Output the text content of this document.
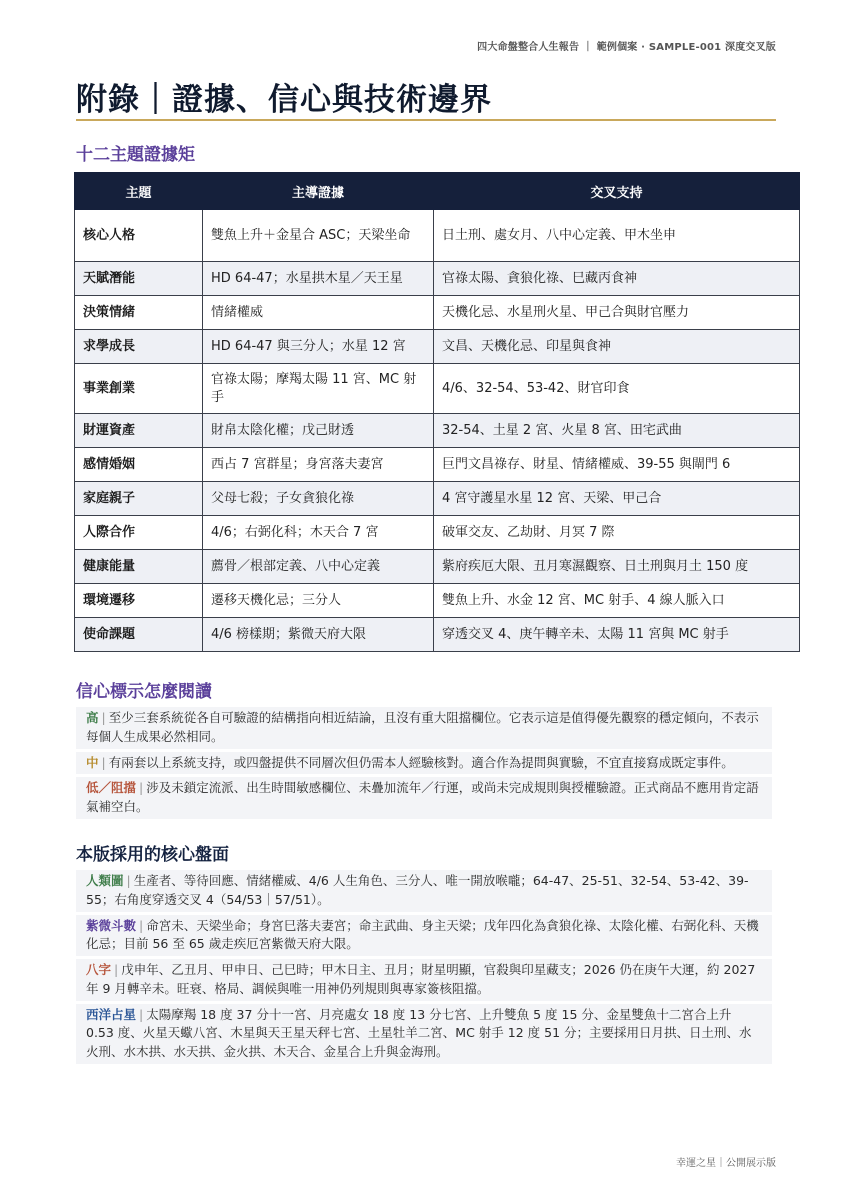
四大命盤整合人生報告 ｜ 範例個案 · SAMPLE-001 深度交叉版
附錄｜證據、信心與技術邊界
十二主題證據矩
主題	主導證據	交叉支持
核心人格	雙魚上升＋金星合 ASC；天梁坐命	日土刑、處女月、八中心定義、甲木坐申
天賦潛能	HD 64-47；水星拱木星／天王星	官祿太陽、貪狼化祿、巳藏丙食神
決策情緒	情緒權威	天機化忌、水星刑火星、甲己合與財官壓力
求學成長	HD 64-47 與三分人；水星 12 宮	文昌、天機化忌、印星與食神
事業創業	官祿太陽；摩羯太陽 11 宮、MC 射手	4/6、32-54、53-42、財官印食
財運資產	財帛太陰化權；戊己財透	32-54、土星 2 宮、火星 8 宮、田宅武曲
感情婚姻	西占 7 宮群星；身宮落夫妻宮	巨門文昌祿存、財星、情緒權威、39-55 與閘門 6
家庭親子	父母七殺；子女貪狼化祿	4 宮守護星水星 12 宮、天梁、甲己合
人際合作	4/6；右弼化科；木天合 7 宮	破軍交友、乙劫財、月冥 7 際
健康能量	薦骨／根部定義、八中心定義	紫府疾厄大限、丑月寒濕觀察、日土刑與月土 150 度
環境遷移	遷移天機化忌；三分人	雙魚上升、水金 12 宮、MC 射手、4 線人脈入口
使命課題	4/6 榜樣期；紫微天府大限	穿透交叉 4、庚午轉辛未、太陽 11 宮與 MC 射手
信心標示怎麼閱讀
高 | 至少三套系統從各自可驗證的結構指向相近結論，且沒有重大阻擋欄位。它表示這是值得優先觀察的穩定傾向，不表示每個人生成果必然相同。
中 | 有兩套以上系統支持，或四盤提供不同層次但仍需本人經驗核對。適合作為提問與實驗，不宜直接寫成既定事件。
低／阻擋 | 涉及未鎖定流派、出生時間敏感欄位、未疊加流年／行運，或尚未完成規則與授權驗證。正式商品不應用肯定語氣補空白。
本版採用的核心盤面
人類圖 | 生產者、等待回應、情緒權威、4/6 人生角色、三分人、唯一開放喉嚨；64-47、25-51、32-54、53-42、39-55；右角度穿透交叉 4（54/53｜57/51）。
紫微斗數 | 命宮未、天梁坐命；身宮巳落夫妻宮；命主武曲、身主天梁；戊年四化為貪狼化祿、太陰化權、右弼化科、天機化忌；目前 56 至 65 歲走疾厄宮紫微天府大限。
八字 | 戊申年、乙丑月、甲申日、己巳時；甲木日主、丑月；財星明顯，官殺與印星藏支；2026 仍在庚午大運，約 2027 年 9 月轉辛未。旺衰、格局、調候與唯一用神仍列規則與專家簽核阻擋。
西洋占星 | 太陽摩羯 18 度 37 分十一宮、月亮處女 18 度 13 分七宮、上升雙魚 5 度 15 分、金星雙魚十二宮合上升 0.53 度、火星天蠍八宮、木星與天王星天秤七宮、土星牡羊二宮、MC 射手 12 度 51 分；主要採用日月拱、日土刑、水火刑、水木拱、水天拱、金火拱、木天合、金星合上升與金海刑。
幸運之星｜公開展示版
